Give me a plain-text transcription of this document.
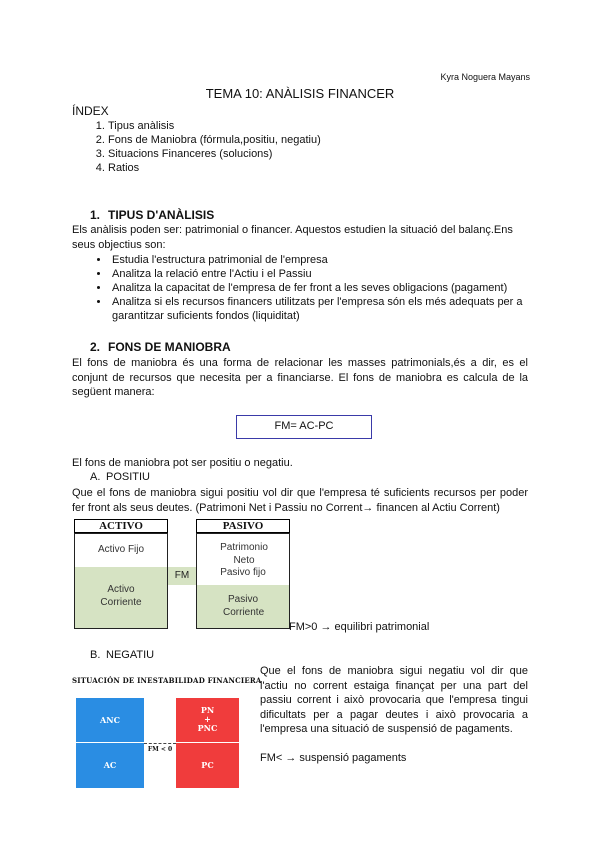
Kyra Noguera Mayans
TEMA 10: ANÀLISIS FINANCER
ÍNDEX
1. Tipus anàlisis
2. Fons de Maniobra (fórmula,positiu, negatiu)
3. Situacions Financeres (solucions)
4. Ratios
1. TIPUS D'ANÀLISIS
Els anàlisis poden ser: patrimonial o financer. Aquestos estudien la situació del balanç.Ens seus objectius son:
• Estudia l'estructura patrimonial de l'empresa
• Analitza la relació entre l'Actiu i el Passiu
• Analitza la capacitat de l'empresa de fer front a les seves obligacions (pagament)
• Analitza si els recursos financers utilitzats per l'empresa són els més adequats per a garantitzar suficients fondos (liquiditat)
2. FONS DE MANIOBRA
El fons de maniobra és una forma de relacionar les masses patrimonials,és a dir, es el conjunt de recursos que necesita per a financiarse. El fons de maniobra es calcula de la següent manera:
FM= AC-PC
El fons de maniobra pot ser positiu o negatiu.
A. POSITIU
Que el fons de maniobra sigui positiu vol dir que l'empresa té suficients recursos per poder fer front als seus deutes. (Patrimoni Net i Passiu no Corrent→ financen al Actiu Corrent)
ACTIVO	PASIVO
Activo Fijo
Activo Corriente
FM
Patrimonio Neto
Pasivo fijo
Pasivo Corriente
FM>0 → equilibri patrimonial
B. NEGATIU
SITUACIÓN DE INESTABILIDAD FINANCIERA
ANC
AC
PN
+
PNC
PC
FM < 0
Que el fons de maniobra sigui negatiu vol dir que l'actiu no corrent estaiga finançat per una part del passiu corrent i això provocaria que l'empresa tingui dificultats per a pagar deutes i això provocaria a l'empresa una situació de suspensió de pagaments.
FM< → suspensió pagaments
